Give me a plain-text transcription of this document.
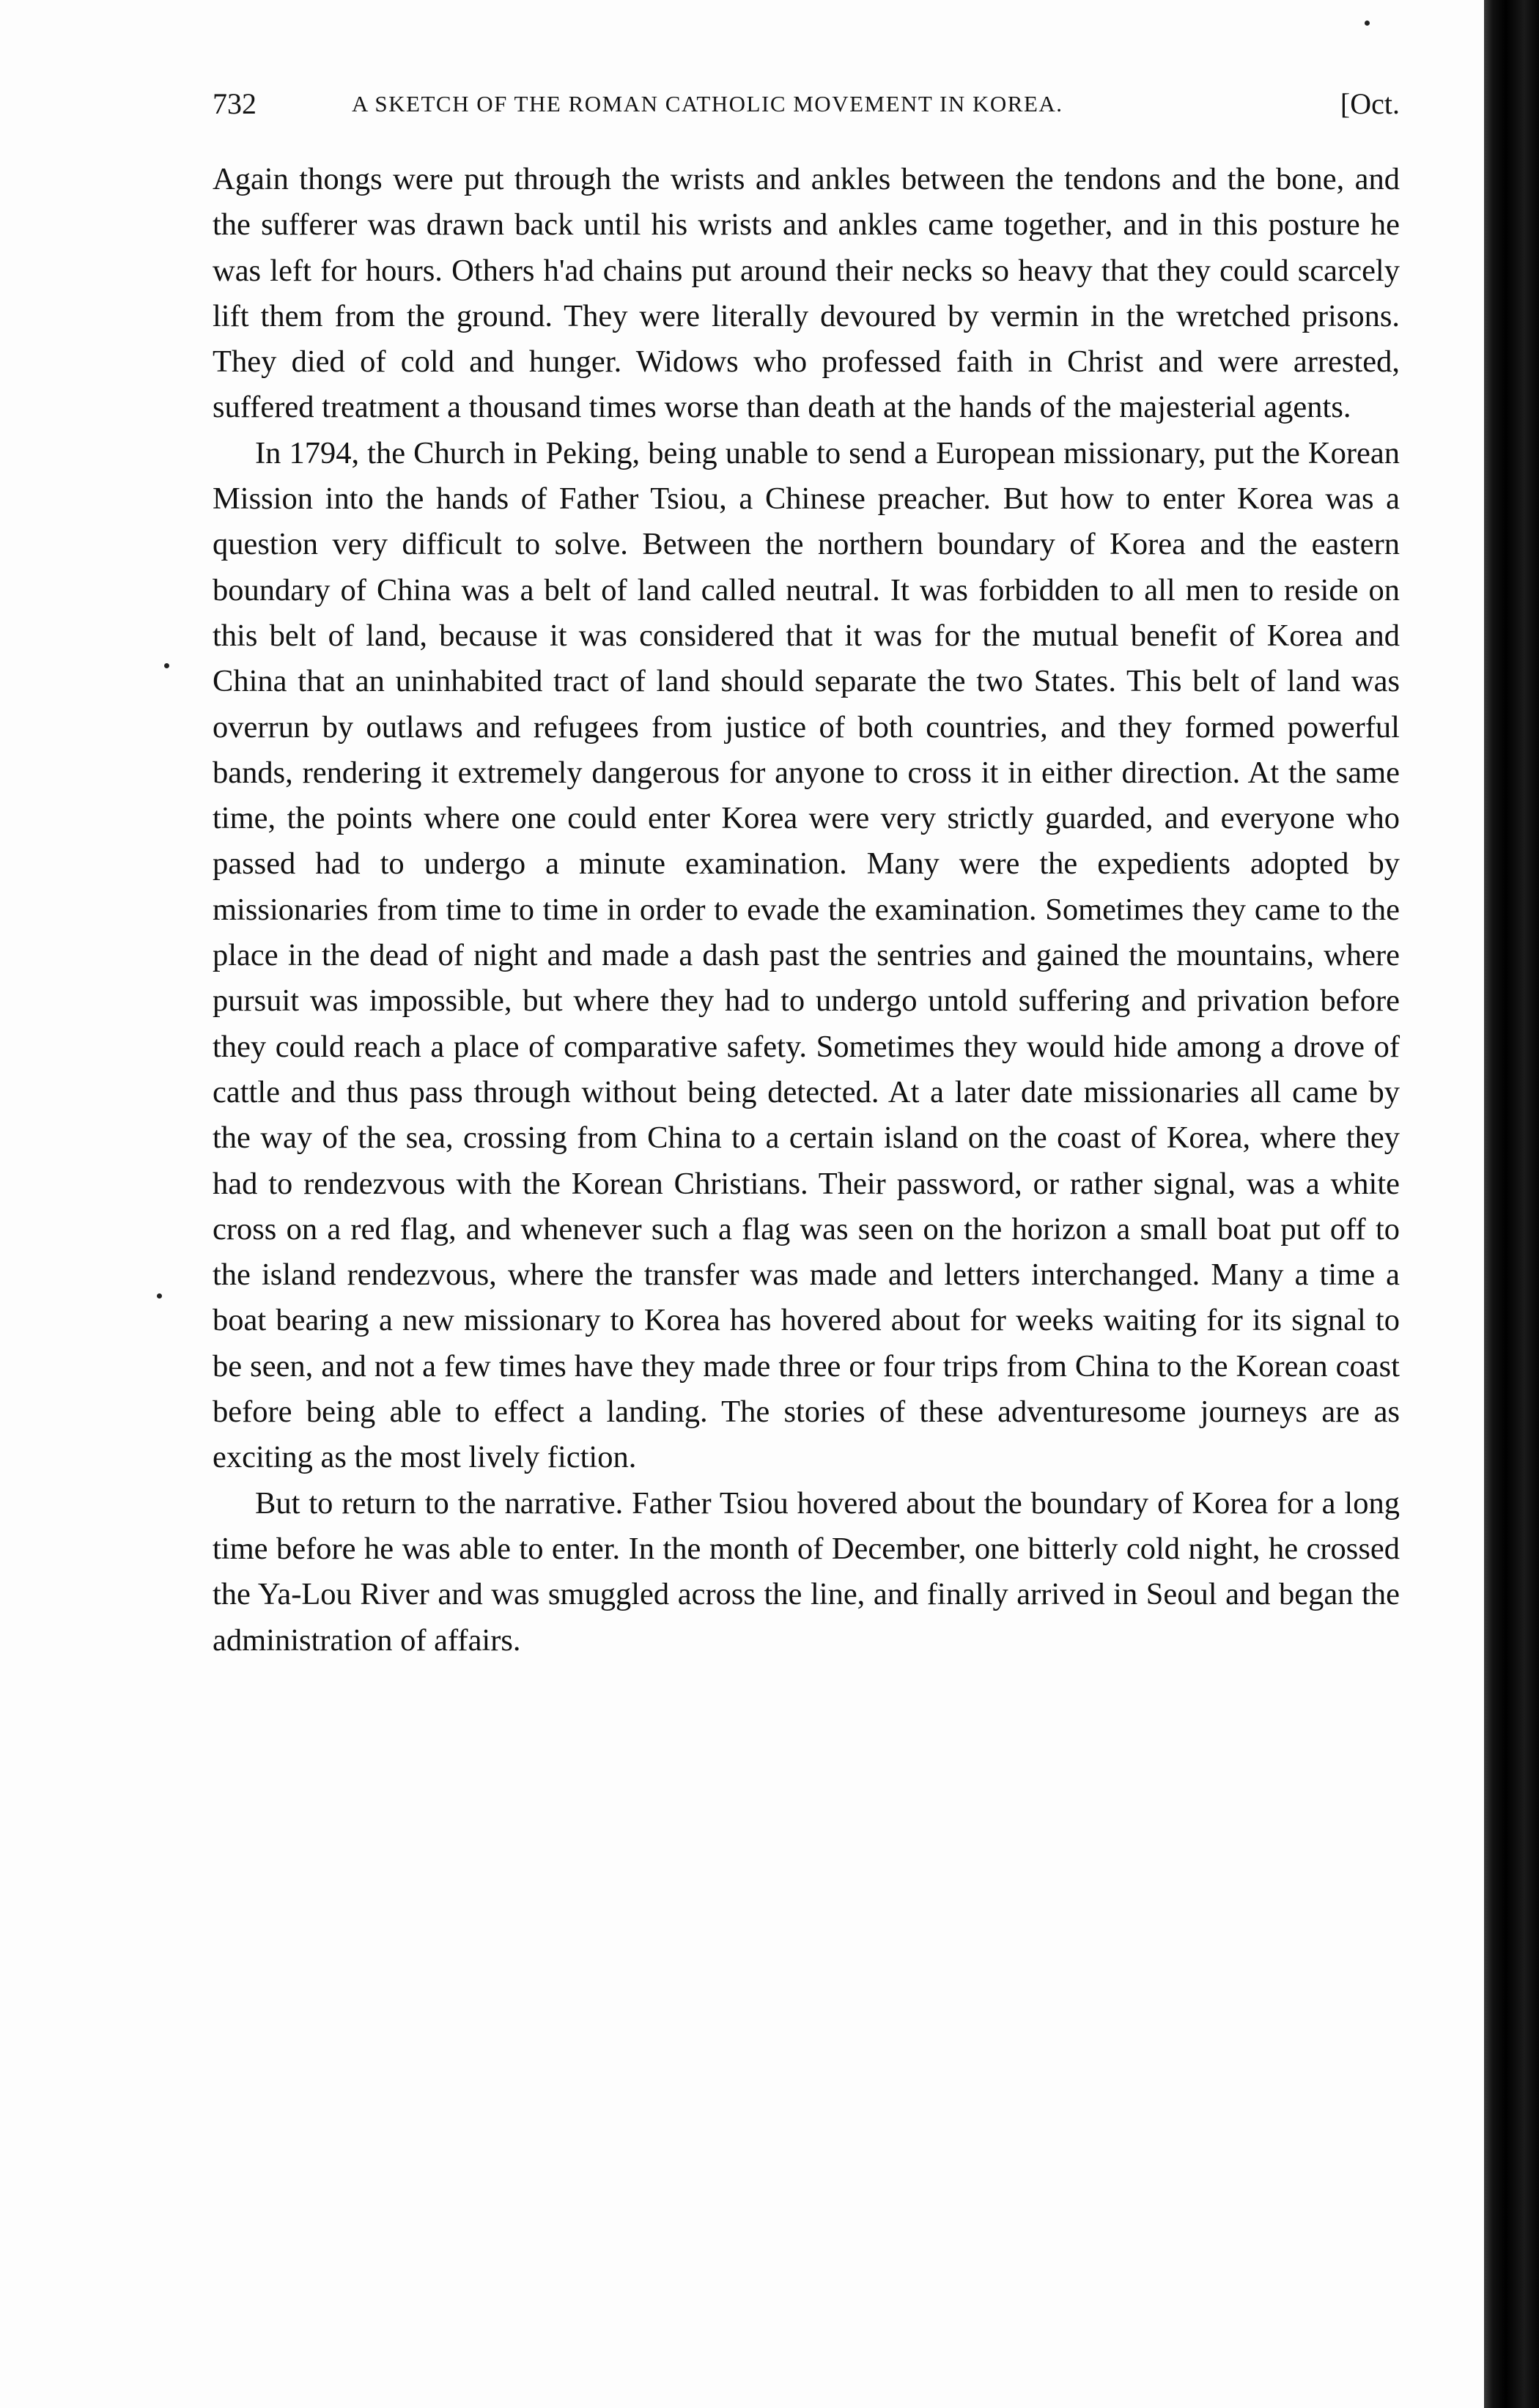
732	A SKETCH OF THE ROMAN CATHOLIC MOVEMENT IN KOREA.	[Oct.

Again thongs were put through the wrists and ankles between the tendons and the bone, and the sufferer was drawn back until his wrists and ankles came together, and in this posture he was left for hours. Others h'ad chains put around their necks so heavy that they could scarcely lift them from the ground. They were literally devoured by vermin in the wretched prisons. They died of cold and hunger. Widows who professed faith in Christ and were arrested, suffered treatment a thousand times worse than death at the hands of the majesterial agents.

In 1794, the Church in Peking, being unable to send a European missionary, put the Korean Mission into the hands of Father Tsiou, a Chinese preacher. But how to enter Korea was a question very difficult to solve. Between the northern boundary of Korea and the eastern boundary of China was a belt of land called neutral. It was forbidden to all men to reside on this belt of land, because it was considered that it was for the mutual benefit of Korea and China that an uninhabited tract of land should separate the two States. This belt of land was overrun by outlaws and refugees from justice of both countries, and they formed powerful bands, rendering it extremely dangerous for anyone to cross it in either direction. At the same time, the points where one could enter Korea were very strictly guarded, and everyone who passed had to undergo a minute examination. Many were the expedients adopted by missionaries from time to time in order to evade the examination. Sometimes they came to the place in the dead of night and made a dash past the sentries and gained the mountains, where pursuit was impossible, but where they had to undergo untold suffering and privation before they could reach a place of comparative safety. Sometimes they would hide among a drove of cattle and thus pass through without being detected. At a later date missionaries all came by the way of the sea, crossing from China to a certain island on the coast of Korea, where they had to rendezvous with the Korean Christians. Their password, or rather signal, was a white cross on a red flag, and whenever such a flag was seen on the horizon a small boat put off to the island rendezvous, where the transfer was made and letters interchanged. Many a time a boat bearing a new missionary to Korea has hovered about for weeks waiting for its signal to be seen, and not a few times have they made three or four trips from China to the Korean coast before being able to effect a landing. The stories of these adventuresome journeys are as exciting as the most lively fiction.

But to return to the narrative. Father Tsiou hovered about the boundary of Korea for a long time before he was able to enter. In the month of December, one bitterly cold night, he crossed the Ya-Lou River and was smuggled across the line, and finally arrived in Seoul and began the administration of affairs.
